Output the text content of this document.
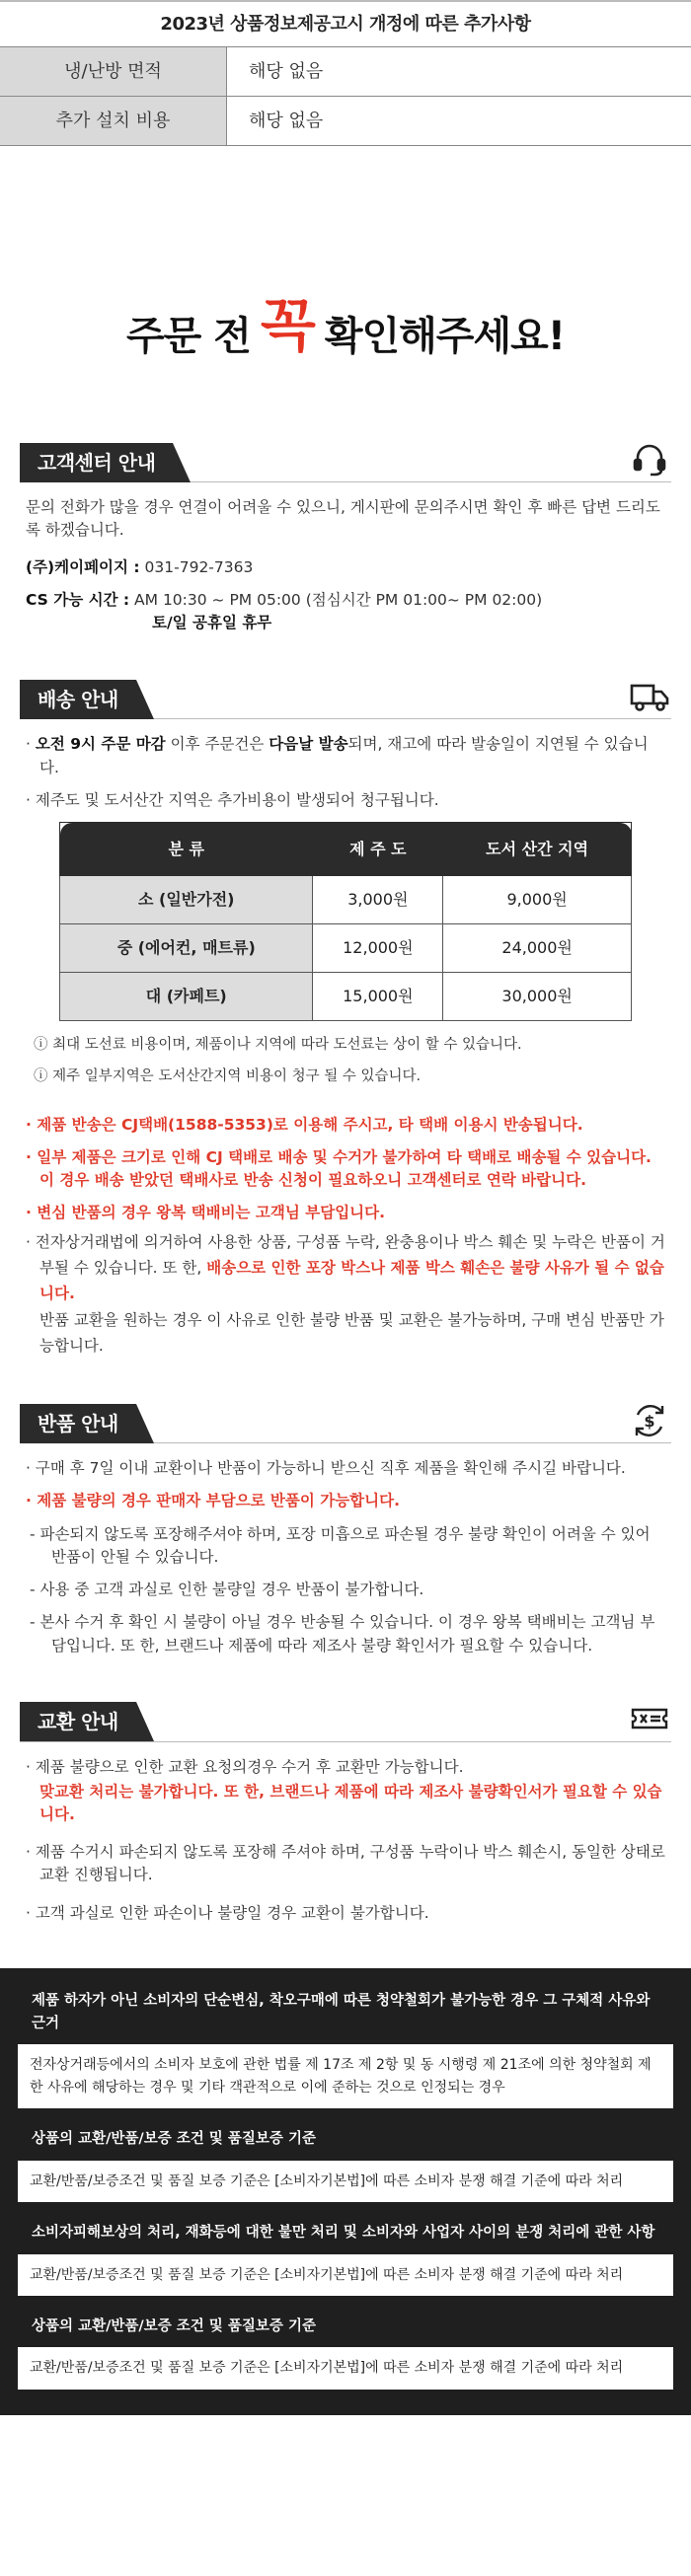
2023년 상품정보제공고시 개정에 따른 추가사항
냉/난방 면적	해당 없음
추가 설치 비용	해당 없음
주문 전 꼭 확인해주세요!
고객센터 안내

문의 전화가 많을 경우 연결이 어려울 수 있으니, 게시판에 문의주시면 확인 후 빠른 답변 드리도록 하겠습니다.

(주)케이페이지 : 031-792-7363

CS 가능 시간 : AM 10:30 ~ PM 05:00 (점심시간 PM 01:00~ PM 02:00)

토/일 공휴일 휴무

배송 안내

· 오전 9시 주문 마감 이후 주문건은 다음날 발송되며, 재고에 따라 발송일이 지연될 수 있습니다.

· 제주도 및 도서산간 지역은 추가비용이 발생되어 청구됩니다.

분 류	제 주 도	도서 산간 지역
소 (일반가전)	3,000원	9,000원
중 (에어컨, 매트류)	12,000원	24,000원
대 (카페트)	15,000원	30,000원

ⓘ 최대 도선료 비용이며, 제품이나 지역에 따라 도선료는 상이 할 수 있습니다.

ⓘ 제주 일부지역은 도서산간지역 비용이 청구 될 수 있습니다.

· 제품 반송은 CJ택배(1588-5353)로 이용해 주시고, 타 택배 이용시 반송됩니다.

· 일부 제품은 크기로 인해 CJ 택배로 배송 및 수거가 불가하여 타 택배로 배송될 수 있습니다. 이 경우 배송 받았던 택배사로 반송 신청이 필요하오니 고객센터로 연락 바랍니다.

· 변심 반품의 경우 왕복 택배비는 고객님 부담입니다.

· 전자상거래법에 의거하여 사용한 상품, 구성품 누락, 완충용이나 박스 훼손 및 누락은 반품이 거부될 수 있습니다. 또 한, 배송으로 인한 포장 박스나 제품 박스 훼손은 불량 사유가 될 수 없습니다.
반품 교환을 원하는 경우 이 사유로 인한 불량 반품 및 교환은 불가능하며, 구매 변심 반품만 가능합니다.

반품 안내	$

· 구매 후 7일 이내 교환이나 반품이 가능하니 받으신 직후 제품을 확인해 주시길 바랍니다.

· 제품 불량의 경우 판매자 부담으로 반품이 가능합니다.

- 파손되지 않도록 포장해주셔야 하며, 포장 미흡으로 파손될 경우 불량 확인이 어려울 수 있어 반품이 안될 수 있습니다.

- 사용 중 고객 과실로 인한 불량일 경우 반품이 불가합니다.

- 본사 수거 후 확인 시 불량이 아닐 경우 반송될 수 있습니다. 이 경우 왕복 택배비는 고객님 부담입니다. 또 한, 브랜드나 제품에 따라 제조사 불량 확인서가 필요할 수 있습니다.

교환 안내

· 제품 불량으로 인한 교환 요청의경우 수거 후 교환만 가능합니다.

맞교환 처리는 불가합니다. 또 한, 브랜드나 제품에 따라 제조사 불량확인서가 필요할 수 있습니다.

· 제품 수거시 파손되지 않도록 포장해 주셔야 하며, 구성품 누락이나 박스 훼손시, 동일한 상태로 교환 진행됩니다.

· 고객 과실로 인한 파손이나 불량일 경우 교환이 불가합니다.

제품 하자가 아닌 소비자의 단순변심, 착오구매에 따른 청약철회가 불가능한 경우 그 구체적 사유와 근거
전자상거래등에서의 소비자 보호에 관한 법률 제 17조 제 2항 및 동 시행령 제 21조에 의한 청약철회 제한 사유에 해당하는 경우 및 기타 객관적으로 이에 준하는 것으로 인정되는 경우
상품의 교환/반품/보증 조건 및 품질보증 기준
교환/반품/보증조건 및 품질 보증 기준은 [소비자기본법]에 따른 소비자 분쟁 해결 기준에 따라 처리
소비자피해보상의 처리, 재화등에 대한 불만 처리 및 소비자와 사업자 사이의 분쟁 처리에 관한 사항
교환/반품/보증조건 및 품질 보증 기준은 [소비자기본법]에 따른 소비자 분쟁 해결 기준에 따라 처리
상품의 교환/반품/보증 조건 및 품질보증 기준
교환/반품/보증조건 및 품질 보증 기준은 [소비자기본법]에 따른 소비자 분쟁 해결 기준에 따라 처리
